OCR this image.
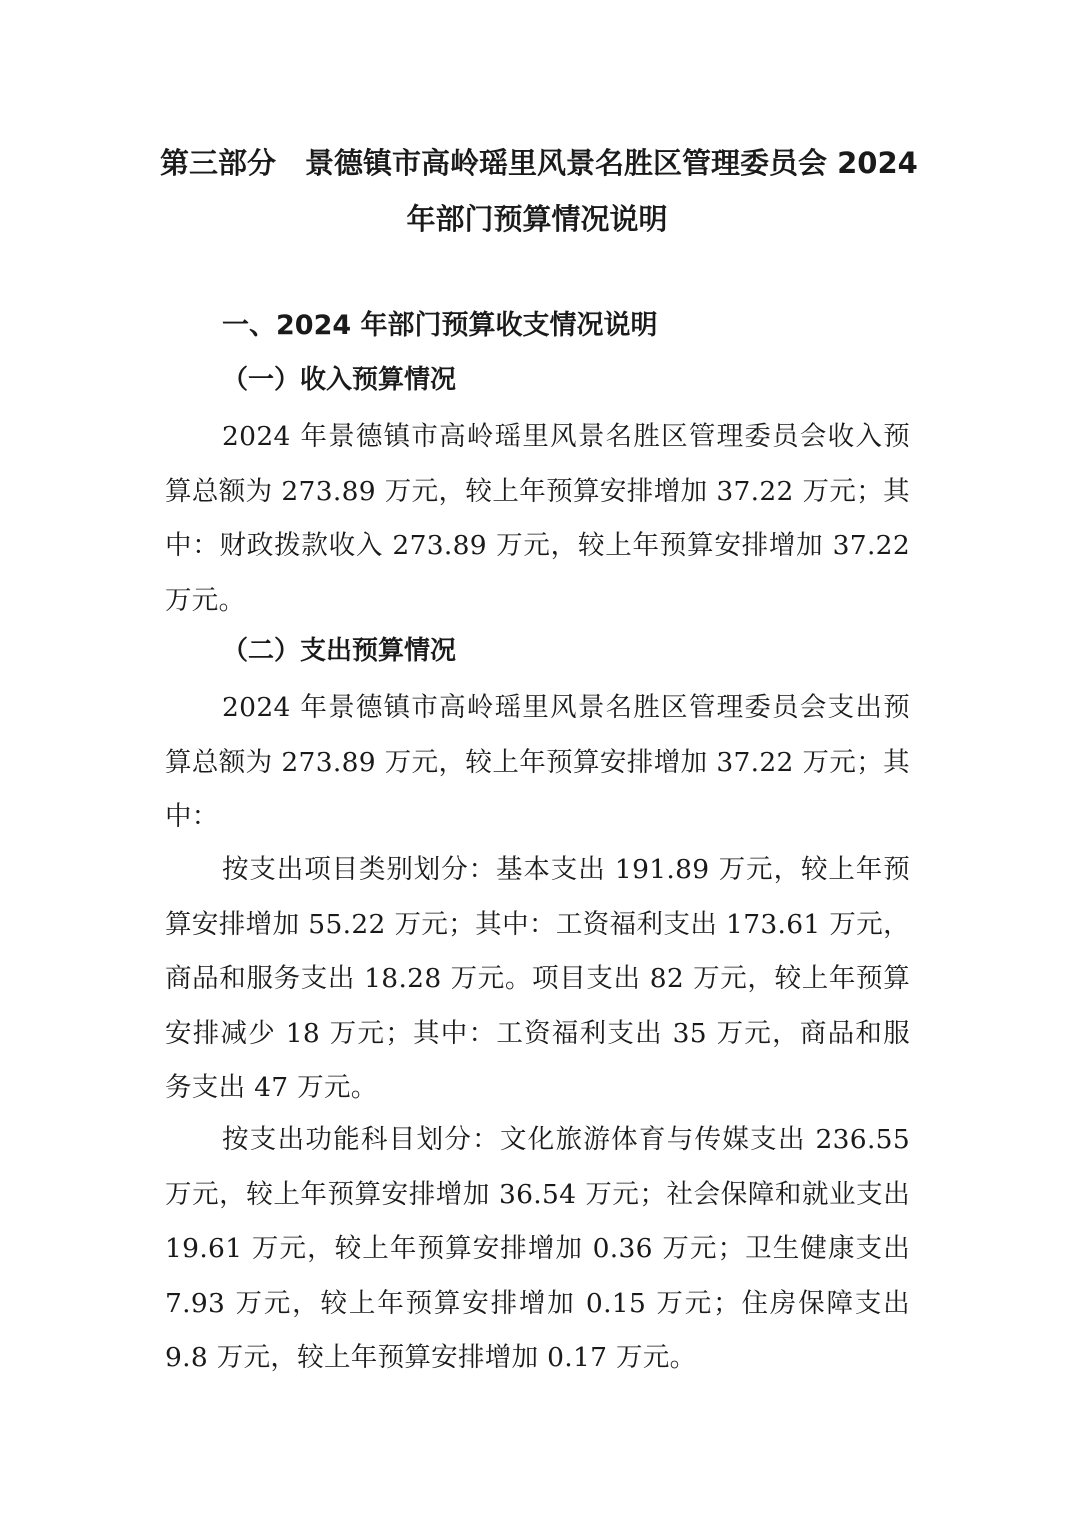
第三部分　景德镇市高岭瑶里风景名胜区管理委员会 2024
年部门预算情况说明
一、2024 年部门预算收支情况说明
（一）收入预算情况
2024 年景德镇市高岭瑶里风景名胜区管理委员会收入预算总额为 273.89 万元，较上年预算安排增加 37.22 万元；其中：财政拨款收入 273.89 万元，较上年预算安排增加 37.22 万元。
（二）支出预算情况
2024 年景德镇市高岭瑶里风景名胜区管理委员会支出预算总额为 273.89 万元，较上年预算安排增加 37.22 万元；其中：
按支出项目类别划分：基本支出 191.89 万元，较上年预算安排增加 55.22 万元；其中：工资福利支出 173.61 万元，商品和服务支出 18.28 万元。项目支出 82 万元，较上年预算安排减少 18 万元；其中：工资福利支出 35 万元，商品和服务支出 47 万元。
按支出功能科目划分：文化旅游体育与传媒支出 236.55 万元，较上年预算安排增加 36.54 万元；社会保障和就业支出 19.61 万元，较上年预算安排增加 0.36 万元；卫生健康支出 7.93 万元，较上年预算安排增加 0.15 万元；住房保障支出 9.8 万元，较上年预算安排增加 0.17 万元。
